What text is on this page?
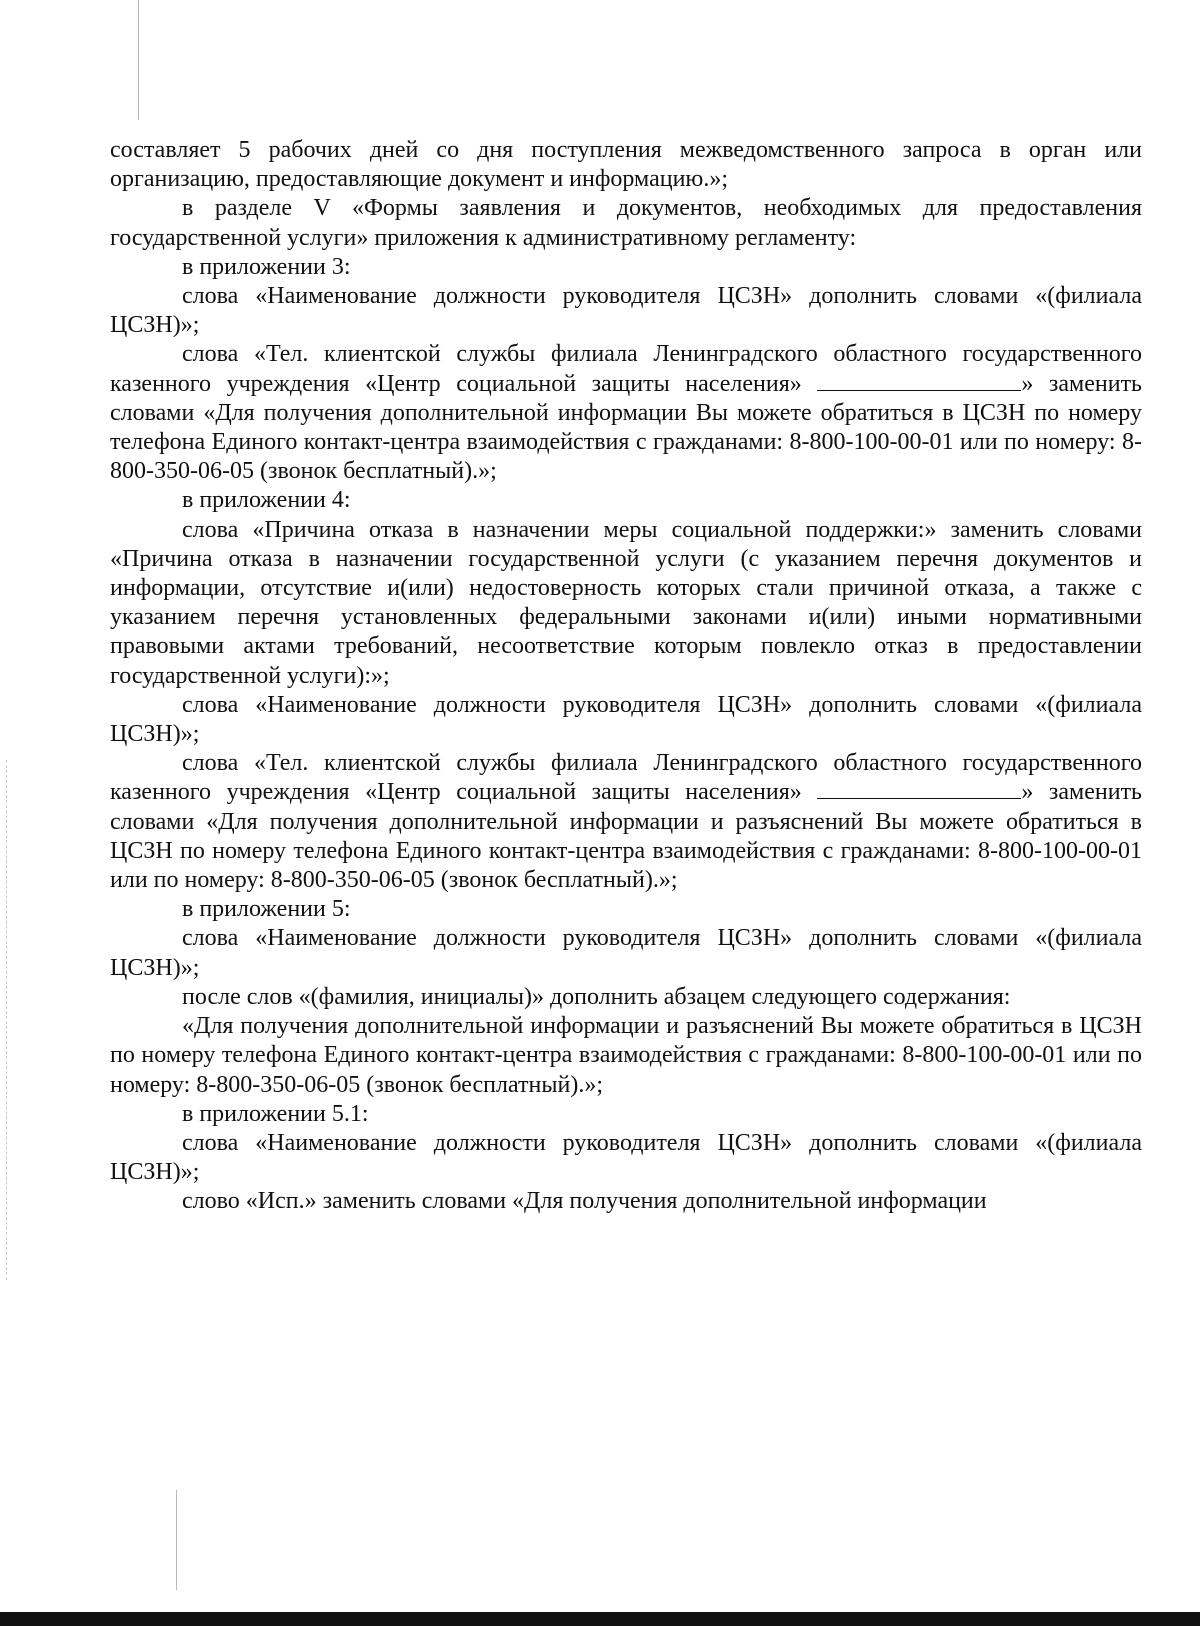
составляет 5 рабочих дней со дня поступления межведомственного запроса в орган или организацию, предоставляющие документ и информацию.»;

в разделе V «Формы заявления и документов, необходимых для предоставления государственной услуги» приложения к административному регламенту:

в приложении 3:

слова «Наименование должности руководителя ЦСЗН» дополнить словами «(филиала ЦСЗН)»;

слова «Тел. клиентской службы филиала Ленинградского областного государственного казенного учреждения «Центр социальной защиты населения»	» заменить словами «Для получения дополнительной информации Вы можете обратиться в ЦСЗН по номеру телефона Единого контакт-центра взаимодействия с гражданами: 8-800-100-00-01 или по номеру: 8-800-350-06-05 (звонок бесплатный).»;

в приложении 4:

слова «Причина отказа в назначении меры социальной поддержки:» заменить словами «Причина отказа в назначении государственной услуги (с указанием перечня документов и информации, отсутствие и(или) недостоверность которых стали причиной отказа, а также с указанием перечня установленных федеральными законами и(или) иными нормативными правовыми актами требований, несоответствие которым повлекло отказ в предоставлении государственной услуги):»;

слова «Наименование должности руководителя ЦСЗН» дополнить словами «(филиала ЦСЗН)»;

слова «Тел. клиентской службы филиала Ленинградского областного государственного казенного учреждения «Центр социальной защиты населения»	» заменить словами «Для получения дополнительной информации и разъяснений Вы можете обратиться в ЦСЗН по номеру телефона Единого контакт-центра взаимодействия с гражданами: 8-800-100-00-01 или по номеру: 8-800-350-06-05 (звонок бесплатный).»;

в приложении 5:

слова «Наименование должности руководителя ЦСЗН» дополнить словами «(филиала ЦСЗН)»;

после слов «(фамилия, инициалы)» дополнить абзацем следующего содержания:

«Для получения дополнительной информации и разъяснений Вы можете обратиться в ЦСЗН по номеру телефона Единого контакт-центра взаимодействия с гражданами: 8-800-100-00-01 или по номеру: 8-800-350-06-05 (звонок бесплатный).»;

в приложении 5.1:

слова «Наименование должности руководителя ЦСЗН» дополнить словами «(филиала ЦСЗН)»;

слово «Исп.» заменить словами «Для получения дополнительной информации
